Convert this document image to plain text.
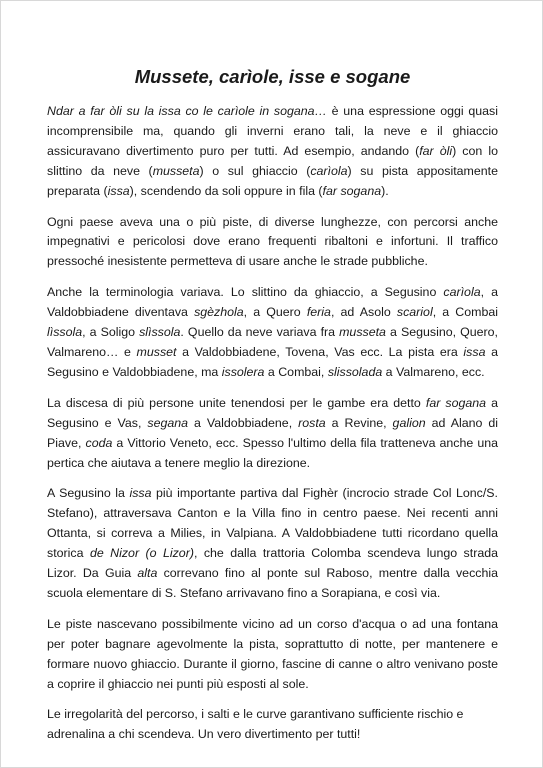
Mussete, carìole, isse e sogane

Ndar a far òli su la issa co le carìole in sogana… è una espressione oggi quasi incomprensibile ma, quando gli inverni erano tali, la neve e il ghiaccio assicuravano divertimento puro per tutti. Ad esempio, andando (far òli) con lo slittino da neve (musseta) o sul ghiaccio (carìola) su pista appositamente preparata (issa), scendendo da soli oppure in fila (far sogana).

Ogni paese aveva una o più piste, di diverse lunghezze, con percorsi anche impegnativi e pericolosi dove erano frequenti ribaltoni e infortuni. Il traffico pressoché inesistente permetteva di usare anche le strade pubbliche.

Anche la terminologia variava. Lo slittino da ghiaccio, a Segusino carìola, a Valdobbiadene diventava sgèzhola, a Quero feria, ad Asolo scariol, a Combai lìssola, a Soligo slìssola. Quello da neve variava fra musseta a Segusino, Quero, Valmareno… e musset a Valdobbiadene, Tovena, Vas ecc. La pista era issa a Segusino e Valdobbiadene, ma issolera a Combai, slissolada a Valmareno, ecc.

La discesa di più persone unite tenendosi per le gambe era detto far sogana a Segusino e Vas, segana a Valdobbiadene, rosta a Revine, galion ad Alano di Piave, coda a Vittorio Veneto, ecc. Spesso l'ultimo della fila tratteneva anche una pertica che aiutava a tenere meglio la direzione.

A Segusino la issa più importante partiva dal Fighèr (incrocio strade Col Lonc/S. Stefano), attraversava Canton e la Villa fino in centro paese. Nei recenti anni Ottanta, si correva a Milies, in Valpiana. A Valdobbiadene tutti ricordano quella storica de Nizor (o Lizor), che dalla trattoria Colomba scendeva lungo strada Lizor. Da Guia alta correvano fino al ponte sul Raboso, mentre dalla vecchia scuola elementare di S. Stefano arrivavano fino a Sorapiana, e così via.

Le piste nascevano possibilmente vicino ad un corso d'acqua o ad una fontana per poter bagnare agevolmente la pista, soprattutto di notte, per mantenere e formare nuovo ghiaccio. Durante il giorno, fascine di canne o altro venivano poste a coprire il ghiaccio nei punti più esposti al sole.

Le irregolarità del percorso, i salti e le curve garantivano sufficiente rischio e adrenalina a chi scendeva. Un vero divertimento per tutti!
